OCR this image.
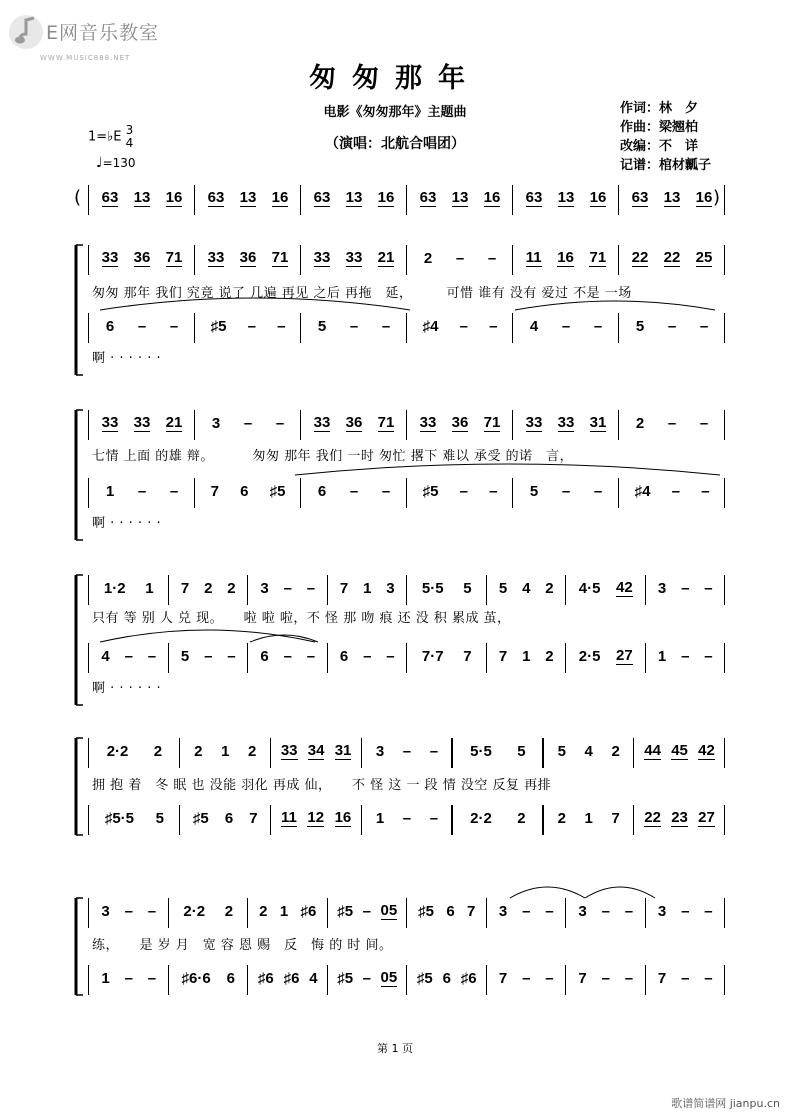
E网音乐教室
WWW.MUSIC888.NET
匆匆那年
电影《匆匆那年》主题曲
（演唱：北航合唱团）
作词：林　夕
作曲：梁翘柏
改编：不　详
记谱：棺材瓤子
1=♭E 3
4
♩=130
63 13 16 63 13 16 63 13 16 63 13 16 63 13 16 63 13 16
33 36 71 33 36 71 33 33 21 2 – – 11 16 71 22 22 25
匆匆 那年 我们 究竟 说了 几遍 再见 之后 再拖　延，　　　可惜 谁有 没有 爱过 不是 一场
6 – – ♯5 – – 5 – – ♯4 – – 4 – – 5 – –
啊 · · · · · ·
33 33 21 3 – – 33 36 71 33 36 71 33 33 31 2 – –
七情 上面 的雄 辩。　　　 匆匆 那年 我们 一时 匆忙 撂下 难以 承受 的诺　言，
1 – – 7 6 ♯5 6 – – ♯5 – – 5 – – ♯4 – –
啊 · · · · · ·
1·2 1 7 2 2 3 – – 7 1 3 5·5 5 5 4 2 4·5 42 3 – –
只有 等 别 人 兑 现。　　啦 啦 啦，不 怪 那 吻 痕 还 没 积 累成 茧，
4 – – 5 – – 6 – – 6 – – 7·7 7 7 1 2 2·5 27 1 – –
啊 · · · · · ·
2·2 2 2 1 2 33 34 31 3 – – 5·5 5 5 4 2 44 45 42
拥 抱 着　冬 眠 也 没能 羽化 再成 仙，　　不 怪 这 一 段 情 没空 反复 再排
♯5·5 5 ♯5 6 7 11 12 16 1 – – 2·2 2 2 1 7 22 23 27
3 – – 2·2 2 2 1 ♯6 ♯5 – 05 ♯5 6 7 3 – – 3 – – 3 – –
练，　　是 岁 月　宽 容 恩 赐　反　悔 的 时 间。
1 – – ♯6·6 6 ♯6 ♯6 4 ♯5 – 05 ♯5 6 ♯6 7 – – 7 – – 7 – –
第 1 页
歌谱简谱网 jianpu.cn
(	)
